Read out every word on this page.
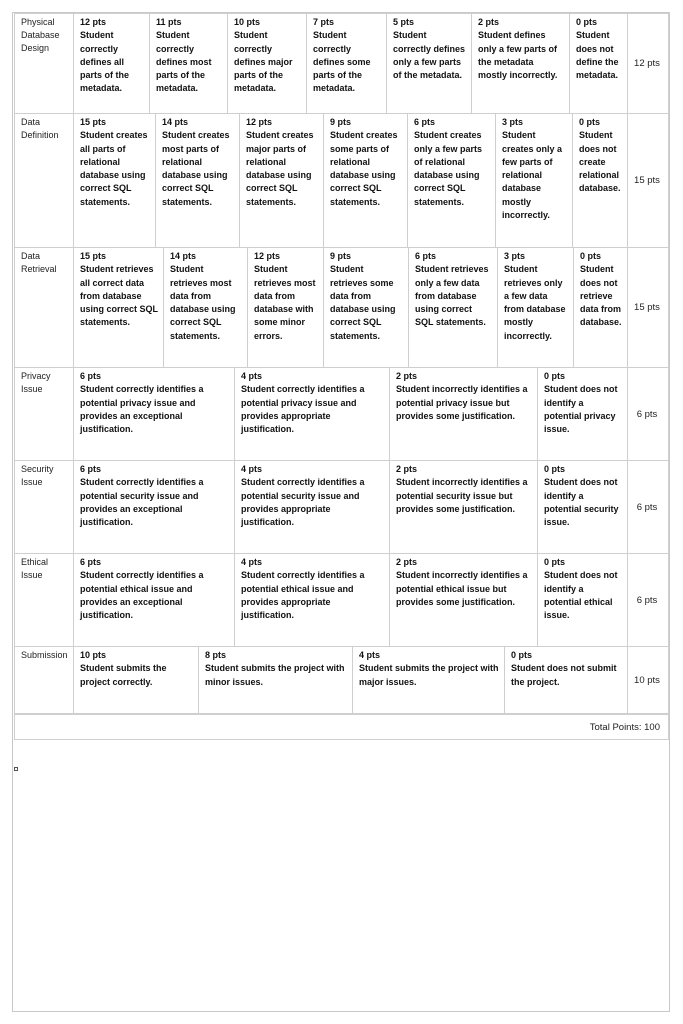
Physical Database Design
12 pts
Student correctly defines all parts of the metadata.
11 pts
Student correctly defines most parts of the metadata.
10 pts
Student correctly defines major parts of the metadata.
7 pts
Student correctly defines some parts of the metadata.
5 pts
Student correctly defines only a few parts of the metadata.
2 pts
Student defines only a few parts of the metadata mostly incorrectly.
0 pts
Student does not define the metadata.
12 pts
Data Definition
15 pts
Student creates all parts of relational database using correct SQL statements.
14 pts
Student creates most parts of relational database using correct SQL statements.
12 pts
Student creates major parts of relational database using correct SQL statements.
9 pts
Student creates some parts of relational database using correct SQL statements.
6 pts
Student creates only a few parts of relational database using correct SQL statements.
3 pts
Student creates only a few parts of relational database mostly incorrectly.
0 pts
Student does not create relational database.
15 pts
Data Retrieval
15 pts
Student retrieves all correct data from database using correct SQL statements.
14 pts
Student retrieves most data from database using correct SQL statements.
12 pts
Student retrieves most data from database with some minor errors.
9 pts
Student retrieves some data from database using correct SQL statements.
6 pts
Student retrieves only a few data from database using correct SQL statements.
3 pts
Student retrieves only a few data from database mostly incorrectly.
0 pts
Student does not retrieve data from database.
15 pts
Privacy Issue
6 pts
Student correctly identifies a potential privacy issue and provides an exceptional justification.
4 pts
Student correctly identifies a potential privacy issue and provides appropriate justification.
2 pts
Student incorrectly identifies a potential privacy issue but provides some justification.
0 pts
Student does not identify a potential privacy issue.
6 pts
Security Issue
6 pts
Student correctly identifies a potential security issue and provides an exceptional justification.
4 pts
Student correctly identifies a potential security issue and provides appropriate justification.
2 pts
Student incorrectly identifies a potential security issue but provides some justification.
0 pts
Student does not identify a potential security issue.
6 pts
Ethical Issue
6 pts
Student correctly identifies a potential ethical issue and provides an exceptional justification.
4 pts
Student correctly identifies a potential ethical issue and provides appropriate justification.
2 pts
Student incorrectly identifies a potential ethical issue but provides some justification.
0 pts
Student does not identify a potential ethical issue.
6 pts
Submission	10 pts
Student submits the project correctly.
8 pts
Student submits the project with minor issues.
4 pts
Student submits the project with major issues.
0 pts
Student does not submit the project.	10 pts
Total Points: 100
